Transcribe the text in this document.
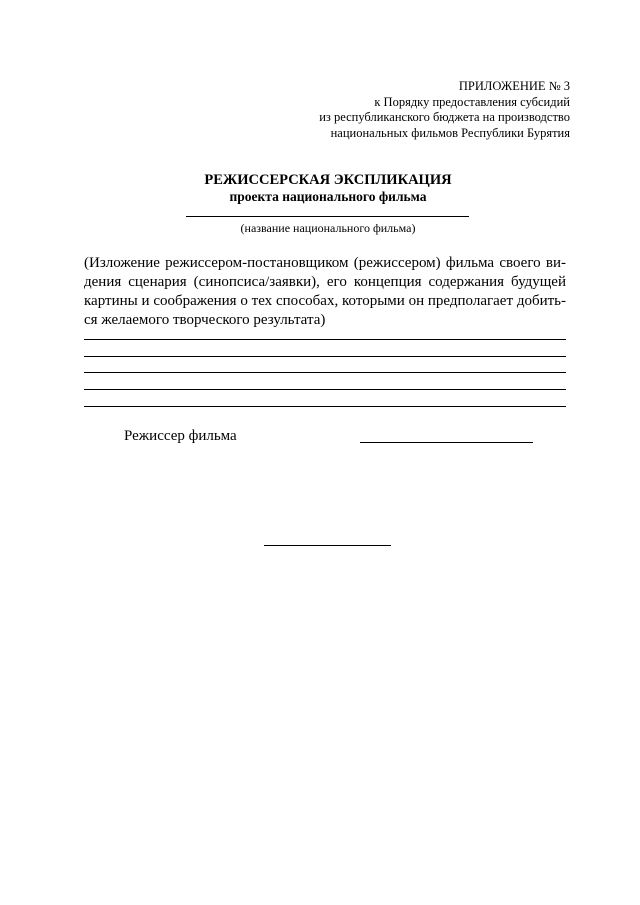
ПРИЛОЖЕНИЕ № 3
к Порядку предоставления субсидий
из республиканского бюджета на производство
национальных фильмов Республики Бурятия
РЕЖИССЕРСКАЯ ЭКСПЛИКАЦИЯ
проекта национального фильма
(название национального фильма)
(Изложение режиссером-постановщиком (режиссером) фильма своего ви-дения сценария (синопсиса/заявки), его концепция содержания будущей картины и соображения о тех способах, которыми он предполагает добить-ся желаемого творческого результата)
Режиссер фильма
